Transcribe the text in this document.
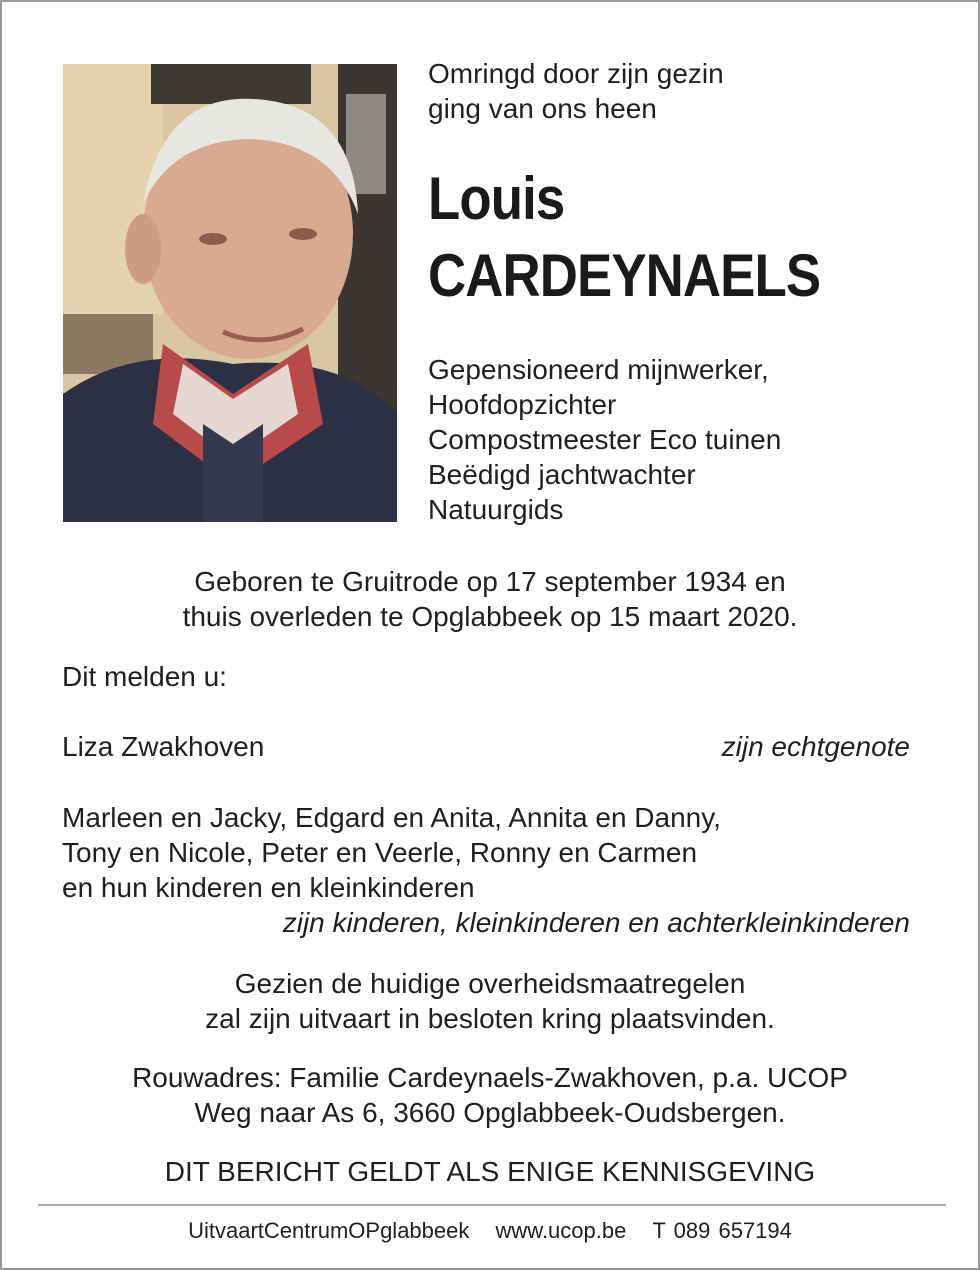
Omringd door zijn gezin
ging van ons heen
Louis
CARDEYNAELS
Gepensioneerd mijnwerker,
Hoofdopzichter
Compostmeester Eco tuinen
Beëdigd jachtwachter
Natuurgids
Geboren te Gruitrode op 17 september 1934 en
thuis overleden te Opglabbeek op 15 maart 2020.
Dit melden u:
Liza Zwakhoven	zijn echtgenote
Marleen en Jacky, Edgard en Anita, Annita en Danny,
Tony en Nicole, Peter en Veerle, Ronny en Carmen
en hun kinderen en kleinkinderen
zijn kinderen, kleinkinderen en achterkleinkinderen
Gezien de huidige overheidsmaatregelen
zal zijn uitvaart in besloten kring plaatsvinden.
Rouwadres: Familie Cardeynaels-Zwakhoven, p.a. UCOP
Weg naar As 6, 3660 Opglabbeek-Oudsbergen.
DIT BERICHT GELDT ALS ENIGE KENNISGEVING
UitvaartCentrumOPglabbeek www.ucop.be T 089 657194
